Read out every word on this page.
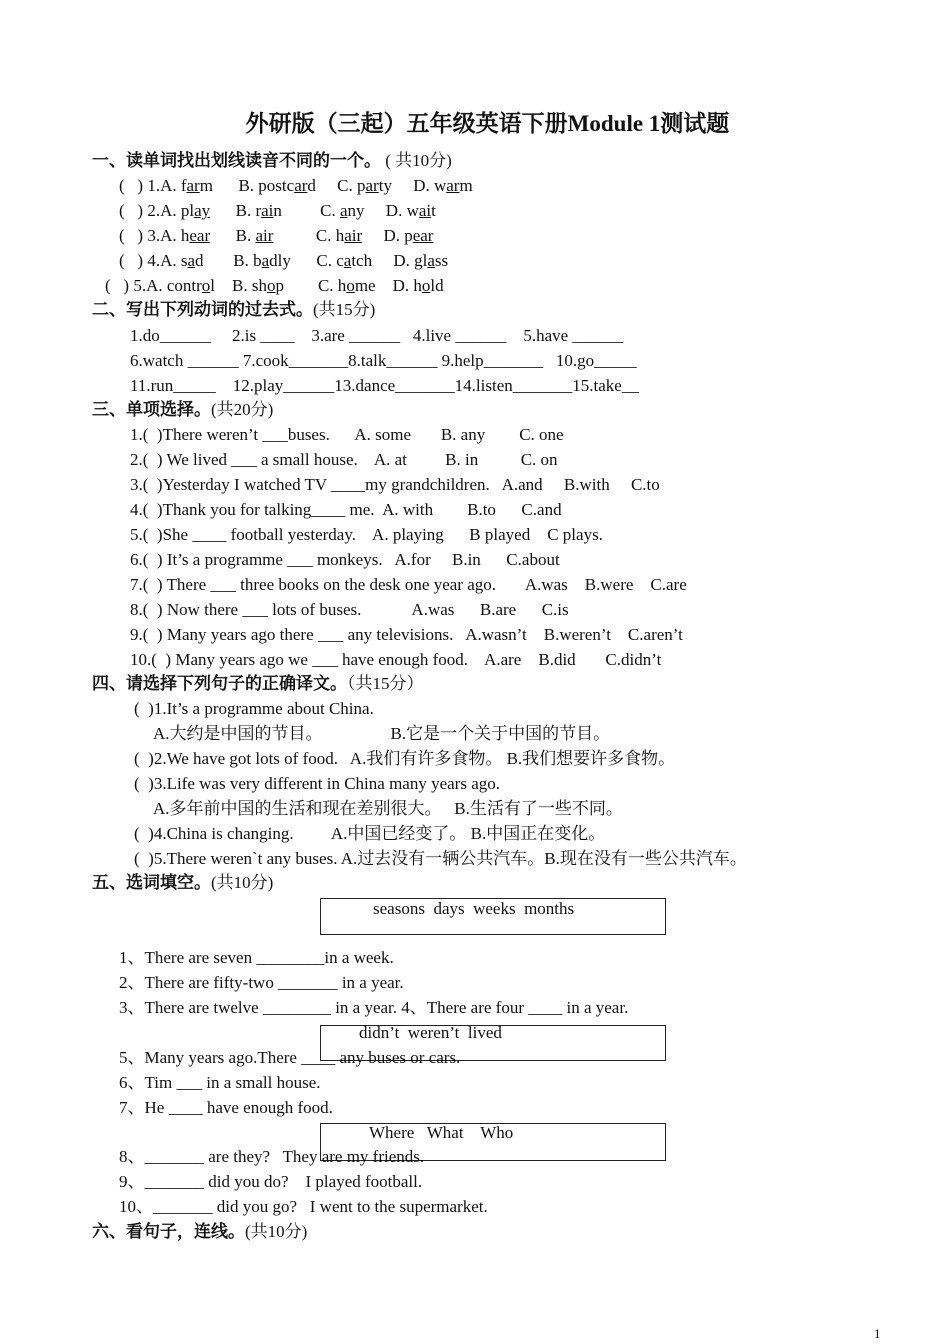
外研版（三起）五年级英语下册Module 1测试题
一、读单词找出划线读音不同的一个。 ( 共10分)
(   ) 1.A. farm      B. postcard     C. party     D. warm
(   ) 2.A. play      B. rain         C. any     D. wait
(   ) 3.A. hear      B. air          C. hair     D. pear
(   ) 4.A. sad       B. badly      C. catch     D. glass
(   ) 5.A. control    B. shop        C. home    D. hold
二、写出下列动词的过去式。(共15分)
1.do______     2.is ____    3.are ______   4.live ______    5.have ______
6.watch ______ 7.cook_______8.talk______ 9.help_______   10.go_____
11.run_____    12.play______13.dance_______14.listen_______15.take__
三、单项选择。(共20分)
1.(  )There weren’t ___buses.      A. some       B. any        C. one
2.(  ) We lived ___ a small house.    A. at         B. in          C. on
3.(  )Yesterday I watched TV ____my grandchildren.   A.and     B.with     C.to
4.(  )Thank you for talking____ me.  A. with        B.to      C.and
5.(  )She ____ football yesterday.    A. playing      B played    C plays.
6.(  ) It’s a programme ___ monkeys.   A.for     B.in      C.about
7.(  ) There ___ three books on the desk one year ago.       A.was    B.were    C.are
8.(  ) Now there ___ lots of buses.            A.was      B.are      C.is
9.(  ) Many years ago there ___ any televisions.   A.wasn’t    B.weren’t    C.aren’t
10.(  ) Many years ago we ___ have enough food.    A.are    B.did       C.didn’t
四、请选择下列句子的正确译文。（共15分）
(  )1.It’s a programme about China.
A.大约是中国的节目。                B.它是一个关于中国的节目。
(  )2.We have got lots of food.   A.我们有许多食物。 B.我们想要许多食物。
(  )3.Life was very different in China many years ago.
A.多年前中国的生活和现在差别很大。   B.生活有了一些不同。
(  )4.China is changing.         A.中国已经变了。 B.中国正在变化。
(  )5.There weren`t any buses. A.过去没有一辆公共汽车。B.现在没有一些公共汽车。
五、选词填空。(共10分)
seasons  days  weeks  months
1、There are seven ________in a week.
2、There are fifty-two _______ in a year.
3、There are twelve ________ in a year. 4、There are four ____ in a year.
didn’t  weren’t  lived
5、Many years ago.There ____ any buses or cars.
6、Tim ___ in a small house.
7、He ____ have enough food.
Where   What    Who
8、_______ are they?   They are my friends.
9、_______ did you do?    I played football.
10、_______ did you go?   I went to the supermarket.
六、看句子，连线。(共10分)
1
